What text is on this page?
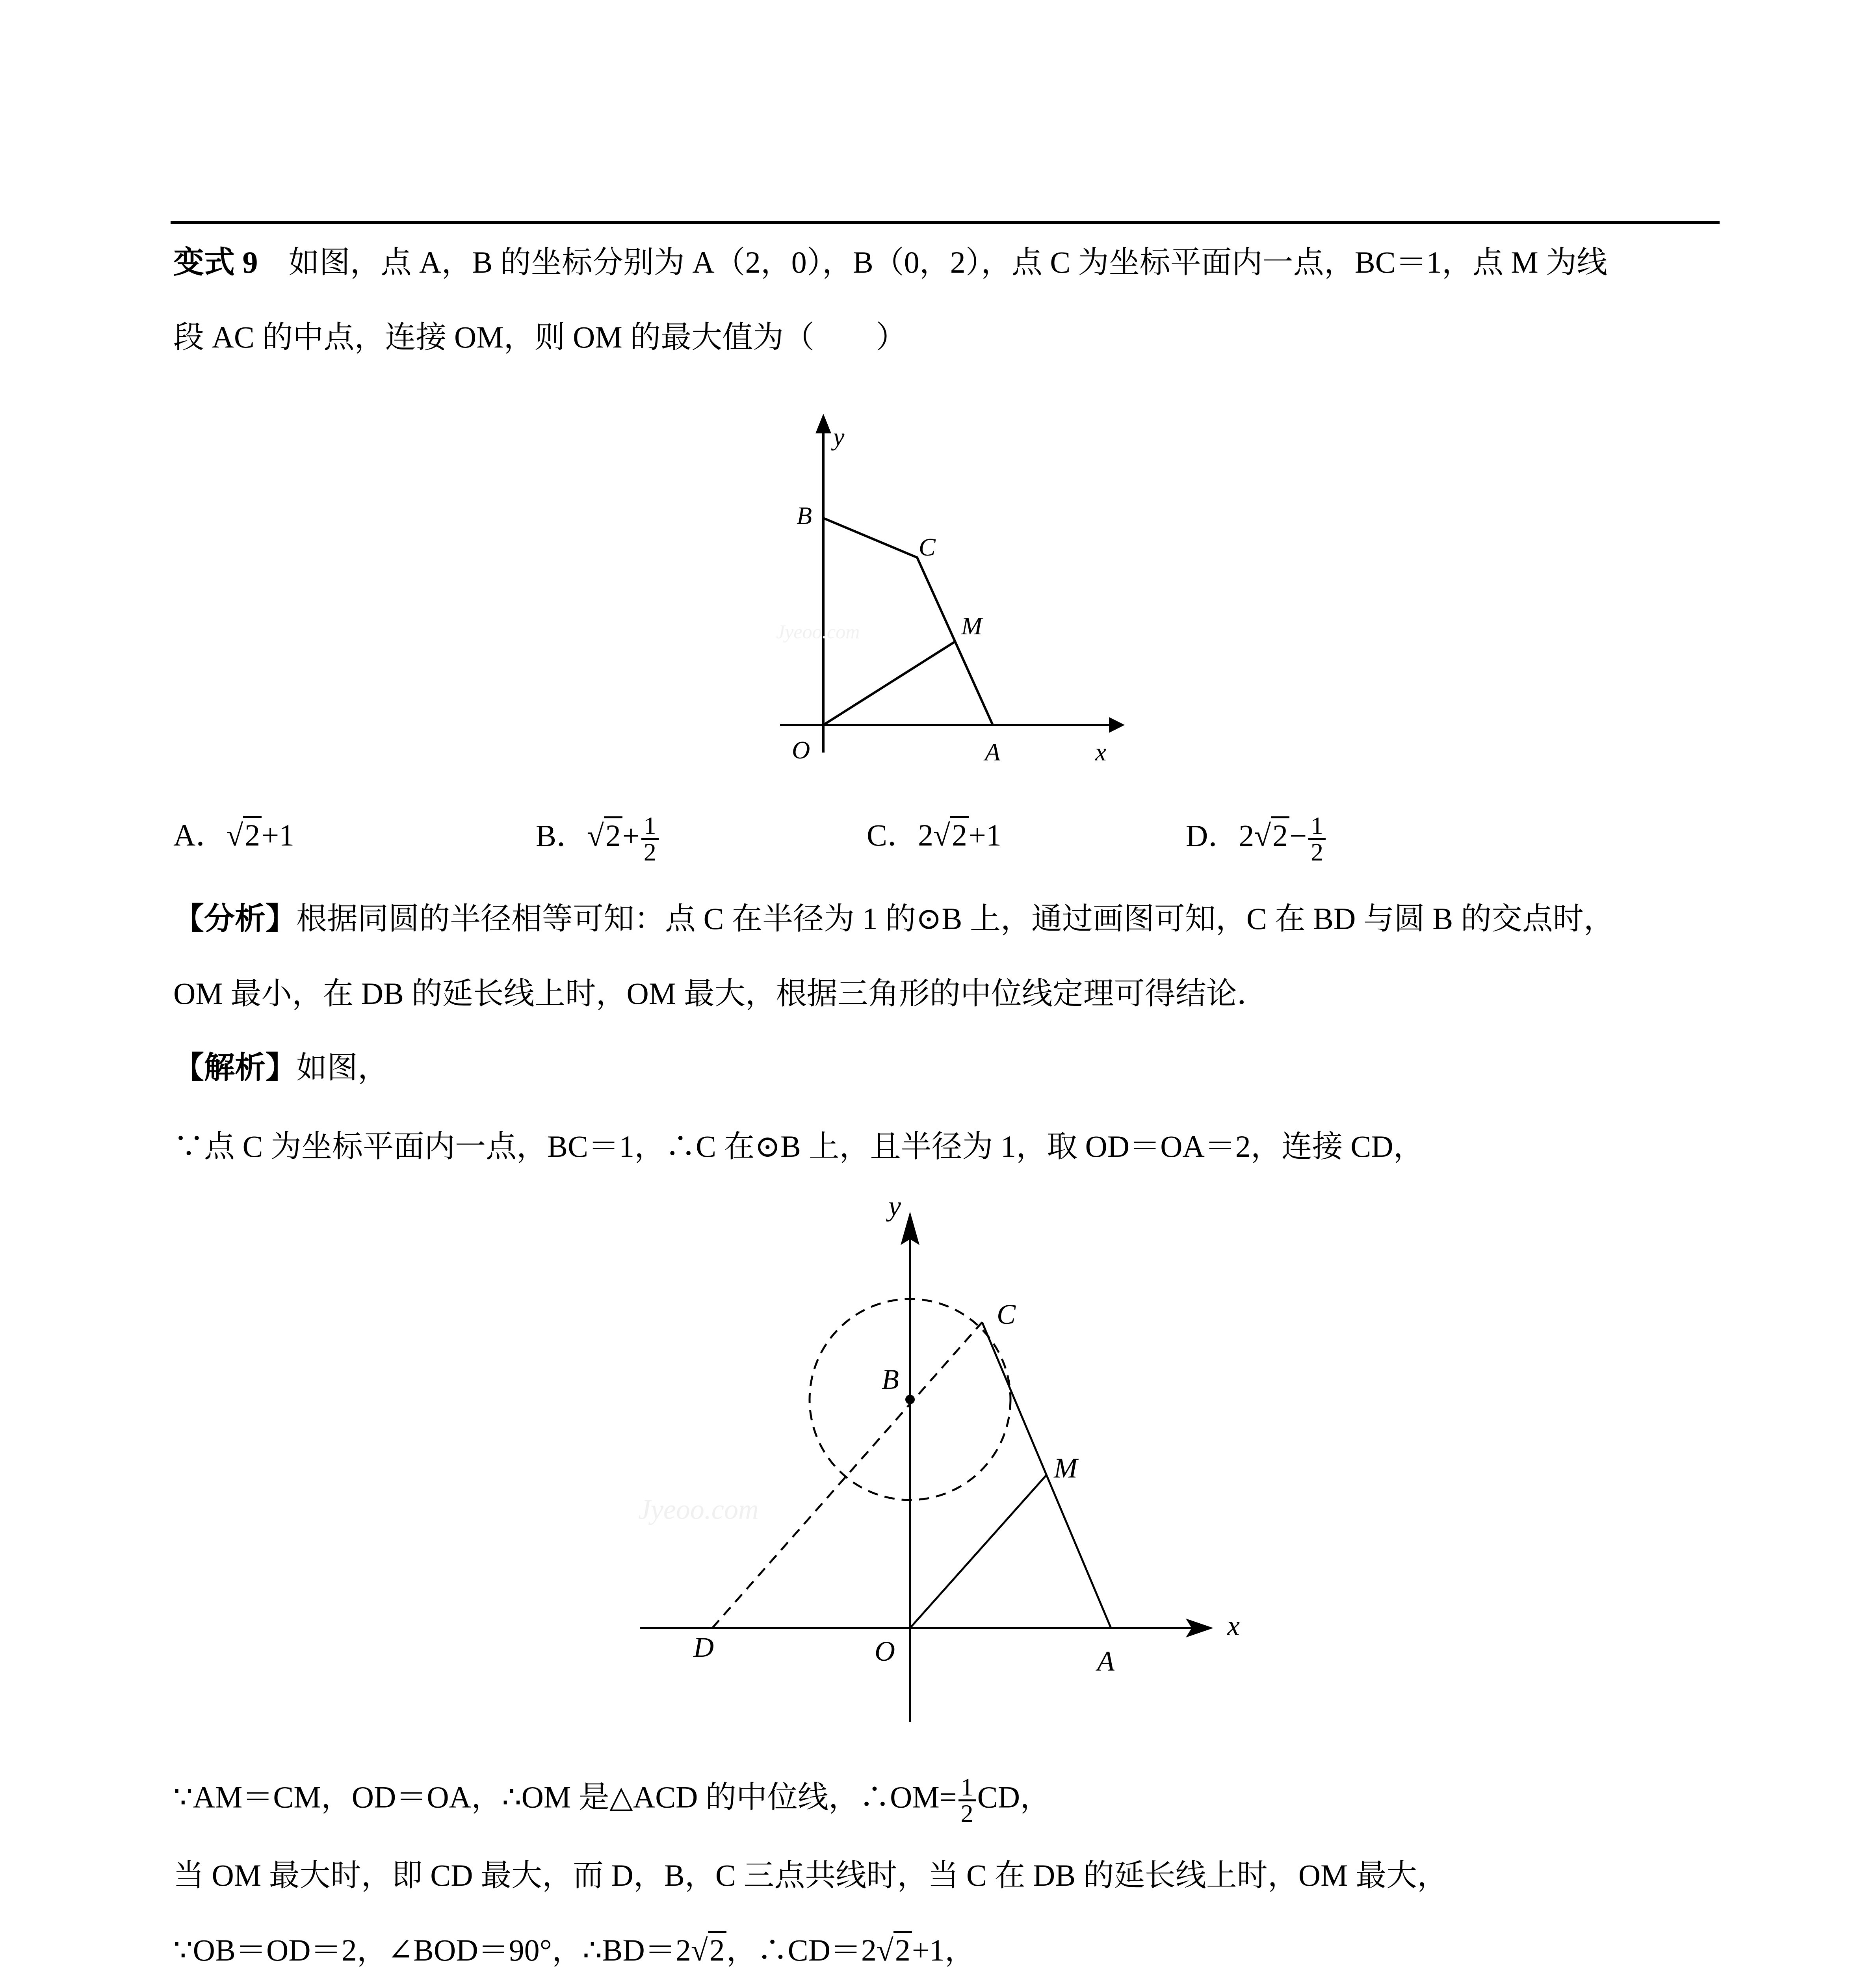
变式 9　 如图，点 A，B 的坐标分别为 A（2，0），B（0，2），点 C 为坐标平面内一点，BC＝1，点 M 为线
段 AC 的中点，连接 OM，则 OM 的最大值为（　　）
Jyeoo.com
y
B
C
M
O	A	x
A．√2+1	B．$√2+ \frac{1}{2}$	C．2√2+1	D．$2√2- \frac{1}{2}$
【分析】根据同圆的半径相等可知：点 C 在半径为 1 的⊙B 上，通过画图可知，C 在 BD 与圆 B 的交点时，
OM 最小，在 DB 的延长线上时，OM 最大，根据三角形的中位线定理可得结论．
【解析】如图，
∵点 C 为坐标平面内一点，BC＝1，∴C 在⊙B 上，且半径为 1，取 OD＝OA＝2，连接 CD，
Jyeoo.com
y
C
B
M
D	O	A
x
∵AM＝CM，OD＝OA，∴OM 是△ACD 的中位线，∴OM= $\frac{1}{2}$ CD，
当 OM 最大时，即 CD 最大，而 D，B，C 三点共线时，当 C 在 DB 的延长线上时，OM 最大，
∵OB＝OD＝2，∠BOD＝90°，∴BD＝2√2，∴CD＝2√2+1，
